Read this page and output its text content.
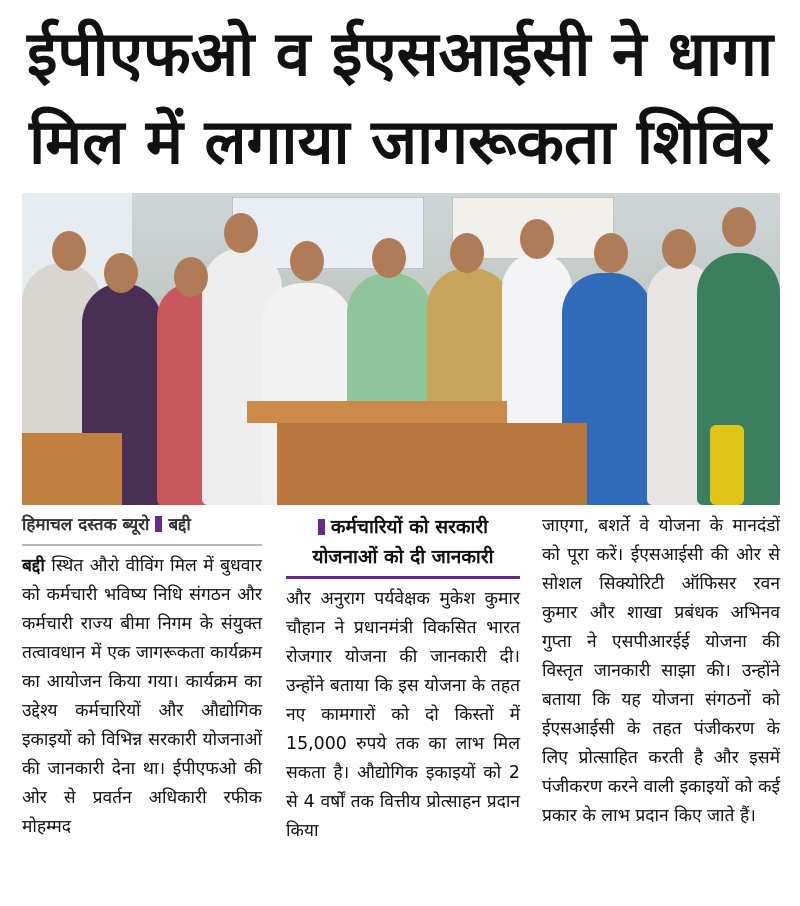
ईपीएफओ व ईएसआईसी ने धागा
मिल में लगाया जागरूकता शिविर
हिमाचल दस्तक ब्यूरो बद्दी

बद्दी स्थित औरो वीविंग मिल में बुधवार को कर्मचारी भविष्य निधि संगठन और कर्मचारी राज्य बीमा निगम के संयुक्त तत्वावधान में एक जागरूकता कार्यक्रम का आयोजन किया गया। कार्यक्रम का उद्देश्य कर्मचारियों और औद्योगिक इकाइयों को विभिन्न सरकारी योजनाओं की जानकारी देना था। ईपीएफओ की ओर से प्रवर्तन अधिकारी रफीक मोहम्मद

कर्मचारियों को सरकारी
योजनाओं को दी जानकारी

और अनुराग पर्यवेक्षक मुकेश कुमार चौहान ने प्रधानमंत्री विकसित भारत रोजगार योजना की जानकारी दी। उन्होंने बताया कि इस योजना के तहत नए कामगारों को दो किस्तों में 15,000 रुपये तक का लाभ मिल सकता है। औद्योगिक इकाइयों को 2 से 4 वर्षों तक वित्तीय प्रोत्साहन प्रदान किया

जाएगा, बशर्ते वे योजना के मानदंडों को पूरा करें। ईएसआईसी की ओर से सोशल सिक्योरिटी ऑफिसर रवन कुमार और शाखा प्रबंधक अभिनव गुप्ता ने एसपीआरईई योजना की विस्तृत जानकारी साझा की। उन्होंने बताया कि यह योजना संगठनों को ईएसआईसी के तहत पंजीकरण के लिए प्रोत्साहित करती है और इसमें पंजीकरण करने वाली इकाइयों को कई प्रकार के लाभ प्रदान किए जाते हैं।
